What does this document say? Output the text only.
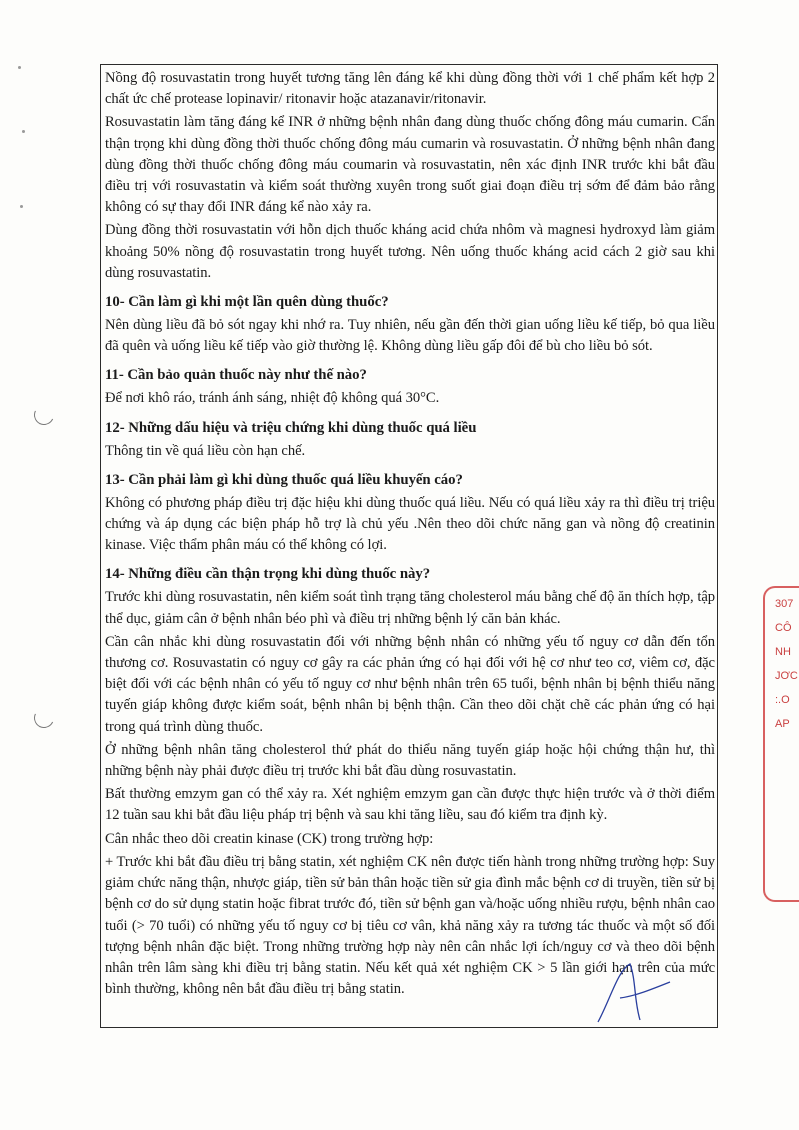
Nồng độ rosuvastatin trong huyết tương tăng lên đáng kể khi dùng đồng thời với 1 chế phẩm kết hợp 2 chất ức chế protease lopinavir/ ritonavir hoặc atazanavir/ritonavir.

Rosuvastatin làm tăng đáng kể INR ở những bệnh nhân đang dùng thuốc chống đông máu cumarin. Cẩn thận trọng khi dùng đồng thời thuốc chống đông máu cumarin và rosuvastatin. Ở những bệnh nhân đang dùng đồng thời thuốc chống đông máu coumarin và rosuvastatin, nên xác định INR trước khi bắt đầu điều trị với rosuvastatin và kiểm soát thường xuyên trong suốt giai đoạn điều trị sớm để đảm bảo rằng không có sự thay đổi INR đáng kể nào xảy ra.

Dùng đồng thời rosuvastatin với hỗn dịch thuốc kháng acid chứa nhôm và magnesi hydroxyd làm giảm khoảng 50% nồng độ rosuvastatin trong huyết tương. Nên uống thuốc kháng acid cách 2 giờ sau khi dùng rosuvastatin.

10- Cần làm gì khi một lần quên dùng thuốc?

Nên dùng liều đã bỏ sót ngay khi nhớ ra. Tuy nhiên, nếu gần đến thời gian uống liều kế tiếp, bỏ qua liều đã quên và uống liều kế tiếp vào giờ thường lệ. Không dùng liều gấp đôi để bù cho liều bỏ sót.

11- Cần bảo quản thuốc này như thế nào?

Để nơi khô ráo, tránh ánh sáng, nhiệt độ không quá 30°C.

12- Những dấu hiệu và triệu chứng khi dùng thuốc quá liều

Thông tin về quá liều còn hạn chế.

13- Cần phải làm gì khi dùng thuốc quá liều khuyến cáo?

Không có phương pháp điều trị đặc hiệu khi dùng thuốc quá liều. Nếu có quá liều xảy ra thì điều trị triệu chứng và áp dụng các biện pháp hỗ trợ là chủ yếu .Nên theo dõi chức năng gan và nồng độ creatinin kinase. Việc thẩm phân máu có thể không có lợi.

14- Những điều cần thận trọng khi dùng thuốc này?

Trước khi dùng rosuvastatin, nên kiểm soát tình trạng tăng cholesterol máu bằng chế độ ăn thích hợp, tập thể dục, giảm cân ở bệnh nhân béo phì và điều trị những bệnh lý căn bản khác.

Cần cân nhắc khi dùng rosuvastatin đối với những bệnh nhân có những yếu tố nguy cơ dẫn đến tổn thương cơ. Rosuvastatin có nguy cơ gây ra các phản ứng có hại đối với hệ cơ như teo cơ, viêm cơ, đặc biệt đối với các bệnh nhân có yếu tố nguy cơ như bệnh nhân trên 65 tuổi, bệnh nhân bị bệnh thiểu năng tuyến giáp không được kiểm soát, bệnh nhân bị bệnh thận. Cần theo dõi chặt chẽ các phản ứng có hại trong quá trình dùng thuốc.

Ở những bệnh nhân tăng cholesterol thứ phát do thiểu năng tuyến giáp hoặc hội chứng thận hư, thì những bệnh này phải được điều trị trước khi bắt đầu dùng rosuvastatin.

Bất thường emzym gan có thể xảy ra. Xét nghiệm emzym gan cần được thực hiện trước và ở thời điểm 12 tuần sau khi bắt đầu liệu pháp trị bệnh và sau khi tăng liều, sau đó kiểm tra định kỳ.

Cân nhắc theo dõi creatin kinase (CK) trong trường hợp:

+ Trước khi bắt đầu điều trị bằng statin, xét nghiệm CK nên được tiến hành trong những trường hợp: Suy giảm chức năng thận, nhược giáp, tiền sử bản thân hoặc tiền sử gia đình mắc bệnh cơ di truyền, tiền sử bị bệnh cơ do sử dụng statin hoặc fibrat trước đó, tiền sử bệnh gan và/hoặc uống nhiều rượu, bệnh nhân cao tuổi (> 70 tuổi) có những yếu tố nguy cơ bị tiêu cơ vân, khả năng xảy ra tương tác thuốc và một số đối tượng bệnh nhân đặc biệt. Trong những trường hợp này nên cân nhắc lợi ích/nguy cơ và theo dõi bệnh nhân trên lâm sàng khi điều trị bằng statin. Nếu kết quả xét nghiệm CK > 5 lần giới hạn trên của mức bình thường, không nên bắt đầu điều trị bằng statin.

307
CÔ
NH
JƠC
:.O
AP
